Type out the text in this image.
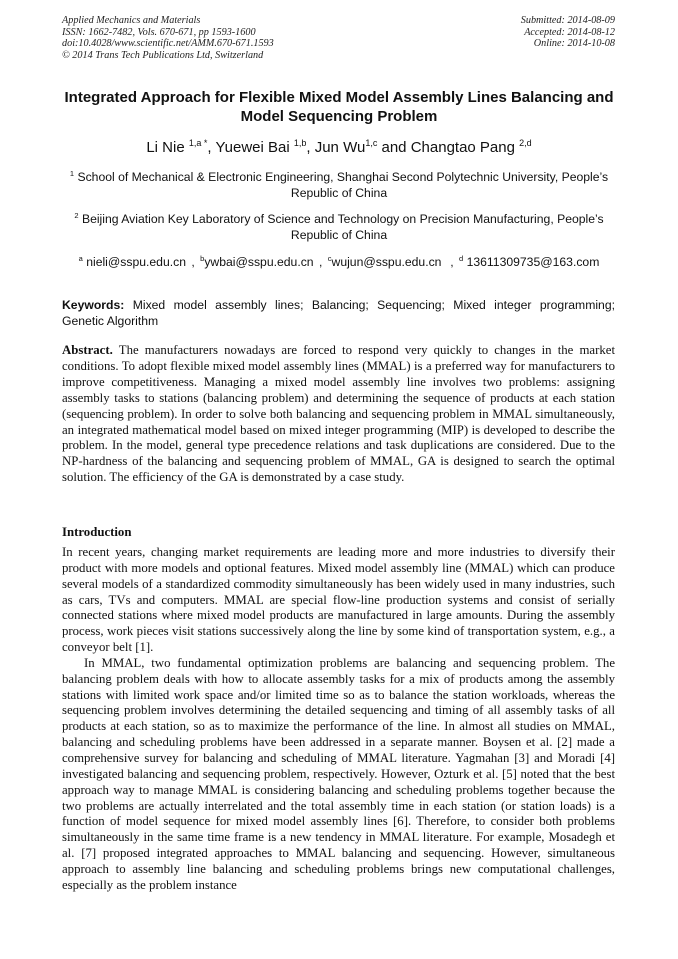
Applied Mechanics and Materials
ISSN: 1662-7482, Vols. 670-671, pp 1593-1600
doi:10.4028/www.scientific.net/AMM.670-671.1593
© 2014 Trans Tech Publications Ltd, Switzerland
Submitted: 2014-08-09
Accepted: 2014-08-12
Online: 2014-10-08
Integrated Approach for Flexible Mixed Model Assembly Lines Balancing and Model Sequencing Problem
Li Nie $^{1,a *}$, Yuewei Bai $^{1,b}$, Jun Wu$^{1,c}$ and Changtao Pang $^{2,d}$
$^1$ School of Mechanical & Electronic Engineering, Shanghai Second Polytechnic University, People’s Republic of China
$^2$ Beijing Aviation Key Laboratory of Science and Technology on Precision Manufacturing, People’s Republic of China
$^a$ nieli@sspu.edu.cn , $^b$ywbai@sspu.edu.cn , $^c$wujun@sspu.edu.cn , $^d$ 13611309735@163.com
Keywords: Mixed model assembly lines; Balancing; Sequencing; Mixed integer programming; Genetic Algorithm
Abstract. The manufacturers nowadays are forced to respond very quickly to changes in the market conditions. To adopt flexible mixed model assembly lines (MMAL) is a preferred way for manufacturers to improve competitiveness. Managing a mixed model assembly line involves two problems: assigning assembly tasks to stations (balancing problem) and determining the sequence of products at each station (sequencing problem). In order to solve both balancing and sequencing problem in MMAL simultaneously, an integrated mathematical model based on mixed integer programming (MIP) is developed to describe the problem. In the model, general type precedence relations and task duplications are considered. Due to the NP-hardness of the balancing and sequencing problem of MMAL, GA is designed to search the optimal solution. The efficiency of the GA is demonstrated by a case study.
Introduction

In recent years, changing market requirements are leading more and more industries to diversify their product with more models and optional features. Mixed model assembly line (MMAL) which can produce several models of a standardized commodity simultaneously has been widely used in many industries, such as cars, TVs and computers. MMAL are special flow-line production systems and consist of serially connected stations where mixed model products are manufactured in large amounts. During the assembly process, work pieces visit stations successively along the line by some kind of transportation system, e.g., a conveyor belt [1].

In MMAL, two fundamental optimization problems are balancing and sequencing problem. The balancing problem deals with how to allocate assembly tasks for a mix of products among the assembly stations with limited work space and/or limited time so as to balance the station workloads, whereas the sequencing problem involves determining the detailed sequencing and timing of all assembly tasks of all products at each station, so as to maximize the performance of the line. In almost all studies on MMAL, balancing and scheduling problems have been addressed in a separate manner. Boysen et al. [2] made a comprehensive survey for balancing and scheduling of MMAL literature. Yagmahan [3] and Moradi [4] investigated balancing and sequencing problem, respectively. However, Ozturk et al. [5] noted that the best approach way to manage MMAL is considering balancing and scheduling problems together because the two problems are actually interrelated and the total assembly time in each station (or station loads) is a function of model sequence for mixed model assembly lines [6]. Therefore, to consider both problems simultaneously in the same time frame is a new tendency in MMAL literature. For example, Mosadegh et al. [7] proposed integrated approaches to MMAL balancing and sequencing. However, simultaneous approach to assembly line balancing and scheduling problems brings new computational challenges, especially as the problem instance
